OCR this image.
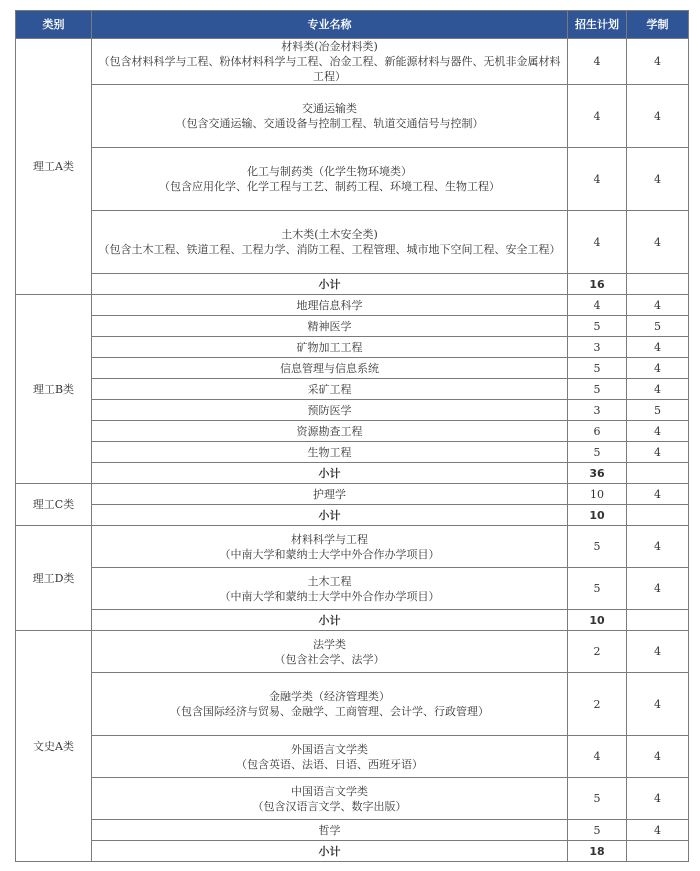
类别	专业名称	招生计划	学制
理工A类	材料类(冶金材料类)
（包含材料科学与工程、粉体材料科学与工程、冶金工程、新能源材料与器件、无机非金属材料工程）	4	4

	交通运输类
（包含交通运输、交通设备与控制工程、轨道交通信号与控制）	4	4

	化工与制药类（化学生物环境类）
（包含应用化学、化学工程与工艺、制药工程、环境工程、生物工程）	4	4

	土木类(土木安全类)
（包含土木工程、铁道工程、工程力学、消防工程、工程管理、城市地下空间工程、安全工程）	4	4
	小计	16	
理工B类	地理信息科学	4	4
	精神医学	5	5
	矿物加工工程	3	4
	信息管理与信息系统	5	4
	采矿工程	5	4
	预防医学	3	5
	资源勘查工程	6	4
	生物工程	5	4
	小计	36	
理工C类	护理学	10	4
	小计	10	
理工D类	材料科学与工程
（中南大学和蒙纳士大学中外合作办学项目）	5	4

	土木工程
（中南大学和蒙纳士大学中外合作办学项目）	5	4
	小计	10	
文史A类	法学类
（包含社会学、法学）	2	4

	金融学类（经济管理类）
（包含国际经济与贸易、金融学、工商管理、会计学、行政管理）	2	4

	外国语言文学类
（包含英语、法语、日语、西班牙语）	4	4

	中国语言文学类
（包含汉语言文学、数字出版）	5	4
	哲学	5	4
	小计	18	
